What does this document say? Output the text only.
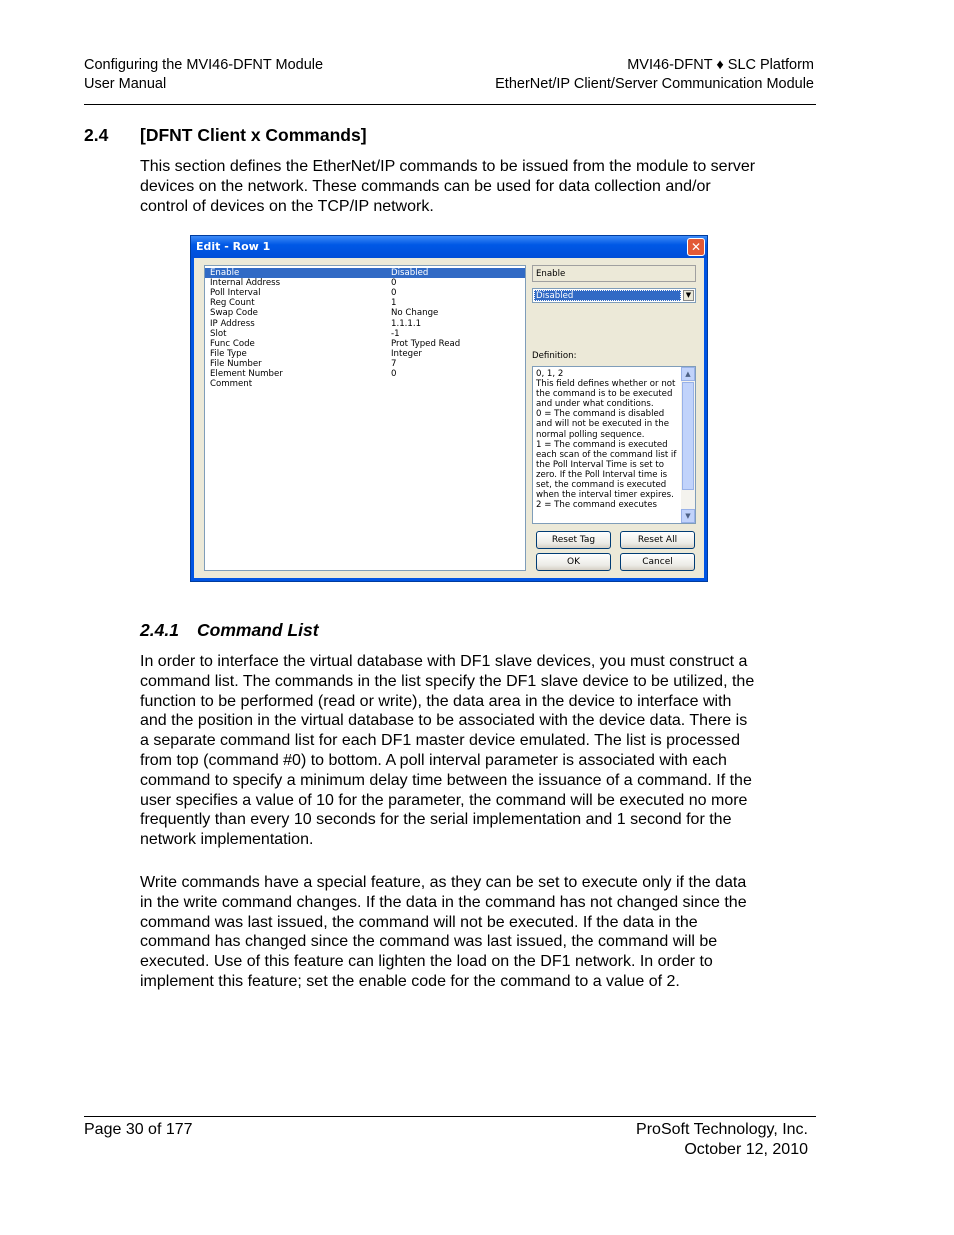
Configuring the MVI46-DFNT Module
User Manual
MVI46-DFNT ♦ SLC Platform
EtherNet/IP Client/Server Communication Module
2.4 [DFNT Client x Commands]

This section defines the EtherNet/IP commands to be issued from the module to server devices on the network. These commands can be used for data collection and/or control of devices on the TCP/IP network.

Edit - Row 1	✕
Enable	Disabled
Internal Address	0
Poll Interval	0
Reg Count	1
Swap Code	No Change
IP Address	1.1.1.1
Slot	-1
Func Code	Prot Typed Read
File Type	Integer
File Number	7
Element Number	0
Comment
Enable
Disabled	▼
Definition:
0, 1, 2
This field defines whether or not the command is to be executed and under what conditions.
0 = The command is disabled and will not be executed in the normal polling sequence.
1 = The command is executed each scan of the command list if the Poll Interval Time is set to zero. If the Poll Interval time is set, the command is executed when the interval timer expires.
2 = The command executes
▲
▼
Reset Tag	Reset All
OK	Cancel
2.4.1 Command List

In order to interface the virtual database with DF1 slave devices, you must construct a command list. The commands in the list specify the DF1 slave device to be utilized, the function to be performed (read or write), the data area in the device to interface with and the position in the virtual database to be associated with the device data. There is a separate command list for each DF1 master device emulated. The list is processed from top (command #0) to bottom. A poll interval parameter is associated with each command to specify a minimum delay time between the issuance of a command. If the user specifies a value of 10 for the parameter, the command will be executed no more frequently than every 10 seconds for the serial implementation and 1 second for the network implementation.

Write commands have a special feature, as they can be set to execute only if the data in the write command changes. If the data in the command has not changed since the command was last issued, the command will not be executed. If the data in the command has changed since the command was last issued, the command will be executed. Use of this feature can lighten the load on the DF1 network. In order to implement this feature; set the enable code for the command to a value of 2.

Page 30 of 177	ProSoft Technology, Inc.
October 12, 2010
